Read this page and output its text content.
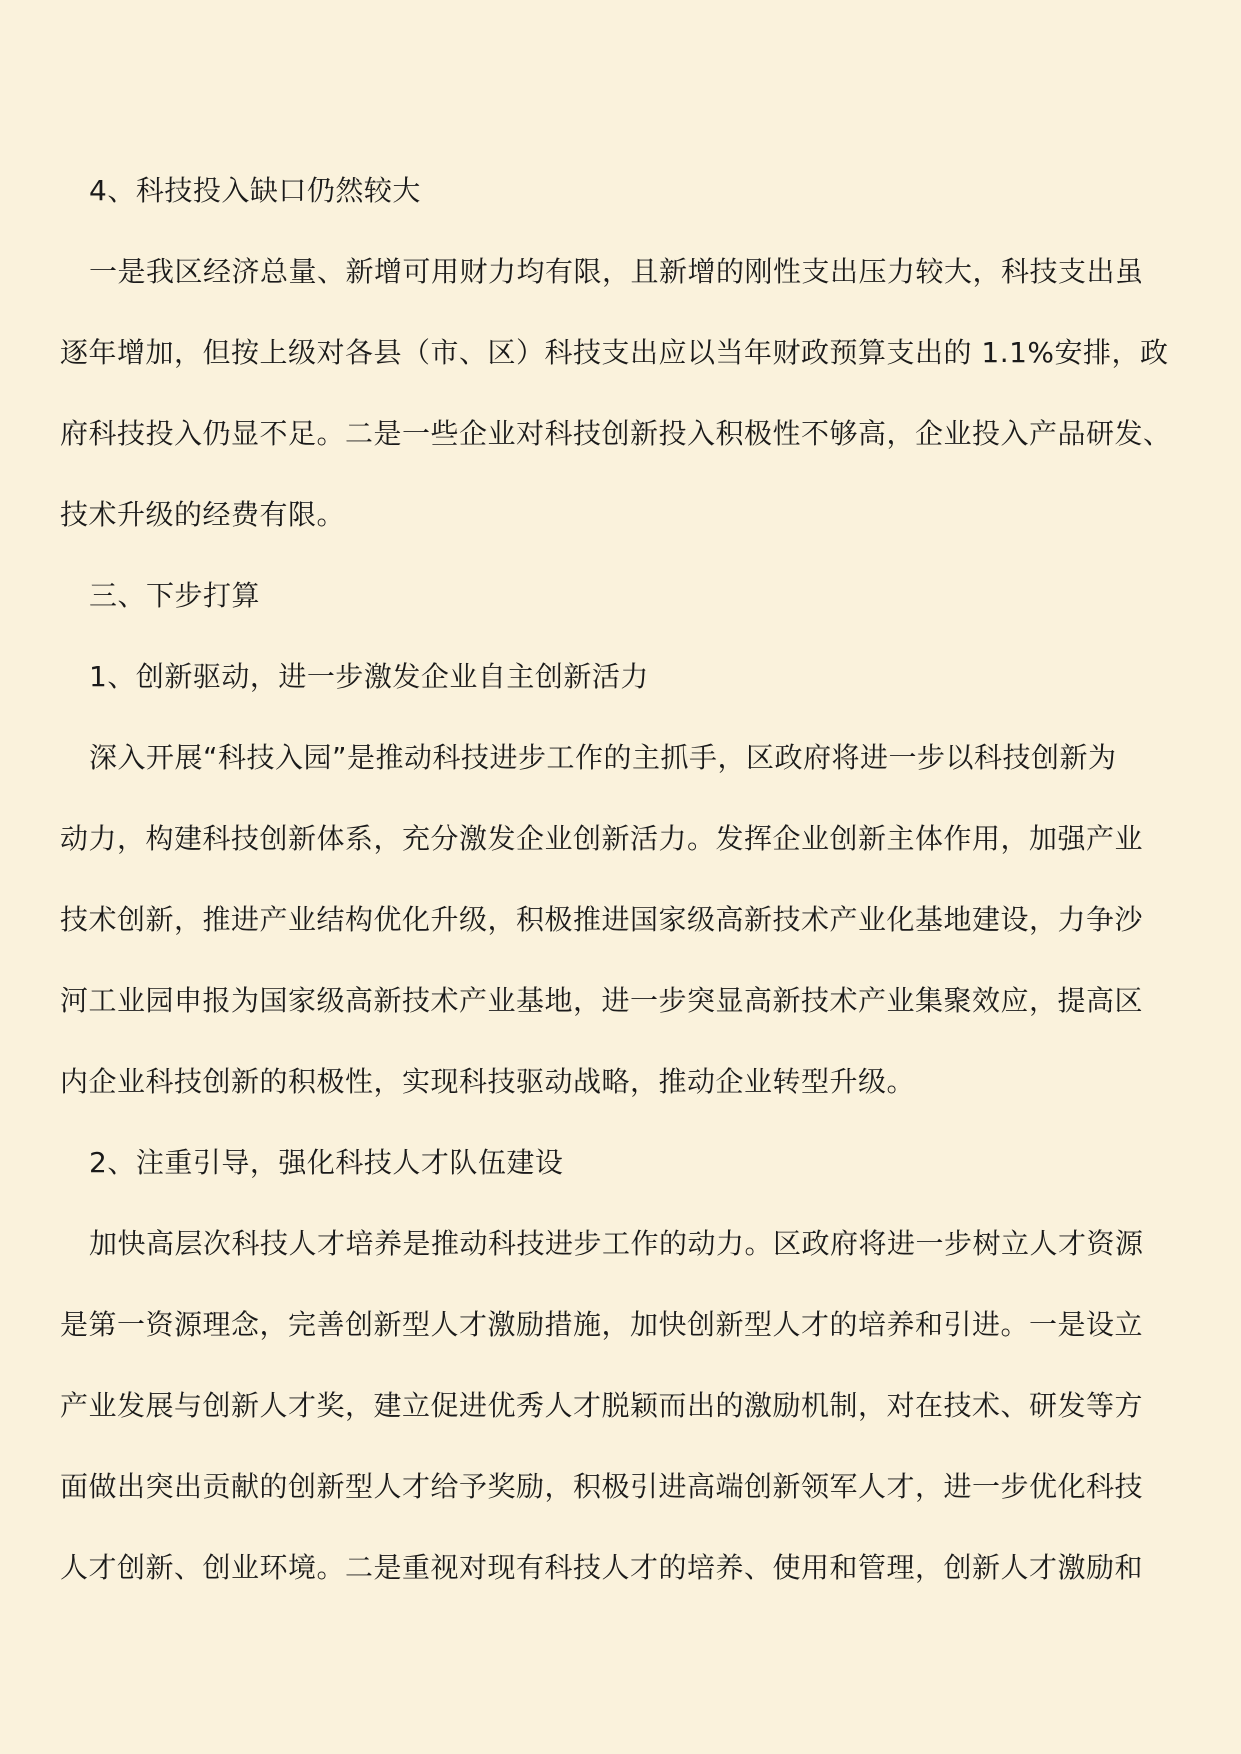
4、科技投入缺口仍然较大
一是我区经济总量、新增可用财力均有限，且新增的刚性支出压力较大，科技支出虽
逐年增加，但按上级对各县（市、区）科技支出应以当年财政预算支出的 1.1%安排，政
府科技投入仍显不足。二是一些企业对科技创新投入积极性不够高，企业投入产品研发、
技术升级的经费有限。
三、下步打算
1、创新驱动，进一步激发企业自主创新活力
深入开展“科技入园”是推动科技进步工作的主抓手，区政府将进一步以科技创新为
动力，构建科技创新体系，充分激发企业创新活力。发挥企业创新主体作用，加强产业
技术创新，推进产业结构优化升级，积极推进国家级高新技术产业化基地建设，力争沙
河工业园申报为国家级高新技术产业基地，进一步突显高新技术产业集聚效应，提高区
内企业科技创新的积极性，实现科技驱动战略，推动企业转型升级。
2、注重引导，强化科技人才队伍建设
加快高层次科技人才培养是推动科技进步工作的动力。区政府将进一步树立人才资源
是第一资源理念，完善创新型人才激励措施，加快创新型人才的培养和引进。一是设立
产业发展与创新人才奖，建立促进优秀人才脱颖而出的激励机制，对在技术、研发等方
面做出突出贡献的创新型人才给予奖励，积极引进高端创新领军人才，进一步优化科技
人才创新、创业环境。二是重视对现有科技人才的培养、使用和管理，创新人才激励和
